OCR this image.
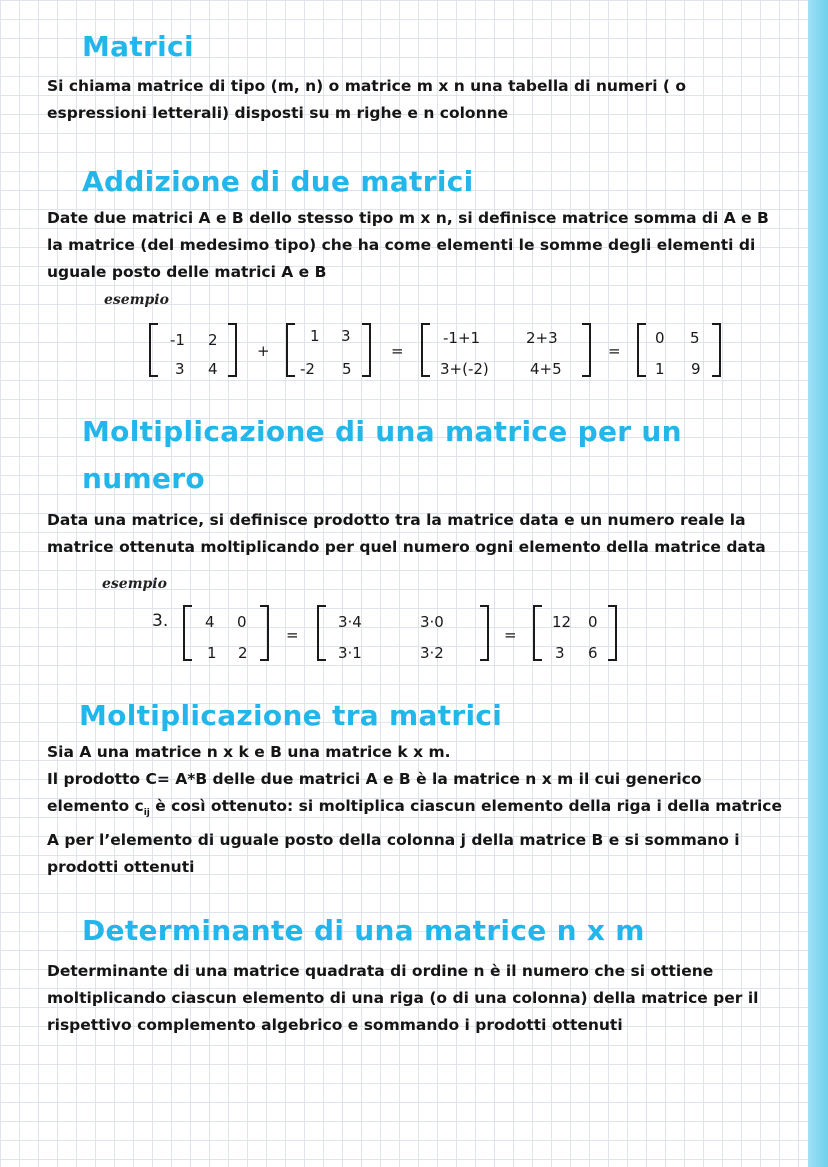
Matrici

Si chiama matrice di tipo (m, n) o matrice m x n una tabella di numeri ( o espressioni letterali) disposti su m righe e n colonne

Addizione di due matrici

Date due matrici A e B dello stesso tipo m x n, si definisce matrice somma di A e B la matrice (del medesimo tipo) che ha come elementi le somme degli elementi di uguale posto delle matrici A e B

esempio

-1 2
3 4
+
1 3
-2 5
=
-1+1	2+3
3+(-2)	4+5
=
0 5
1 9
Moltiplicazione di una matrice per un
numero

Data una matrice, si definisce prodotto tra la matrice data e un numero reale la matrice ottenuta moltiplicando per quel numero ogni elemento della matrice data

esempio

3. 4 0
1 2
=
3·4	3·0
3·1	3·2
=
12 0
3 6
Moltiplicazione tra matrici

Sia A una matrice n x k e B una matrice k x m.

Il prodotto C= A*B delle due matrici A e B è la matrice n x m il cui generico elemento $c_{ij}$ è così ottenuto: si moltiplica ciascun elemento della riga i della matrice A per l’elemento di uguale posto della colonna j della matrice B e si sommano i prodotti ottenuti

Determinante di una matrice n x m

Determinante di una matrice quadrata di ordine n è il numero che si ottiene moltiplicando ciascun elemento di una riga (o di una colonna) della matrice per il rispettivo complemento algebrico e sommando i prodotti ottenuti
